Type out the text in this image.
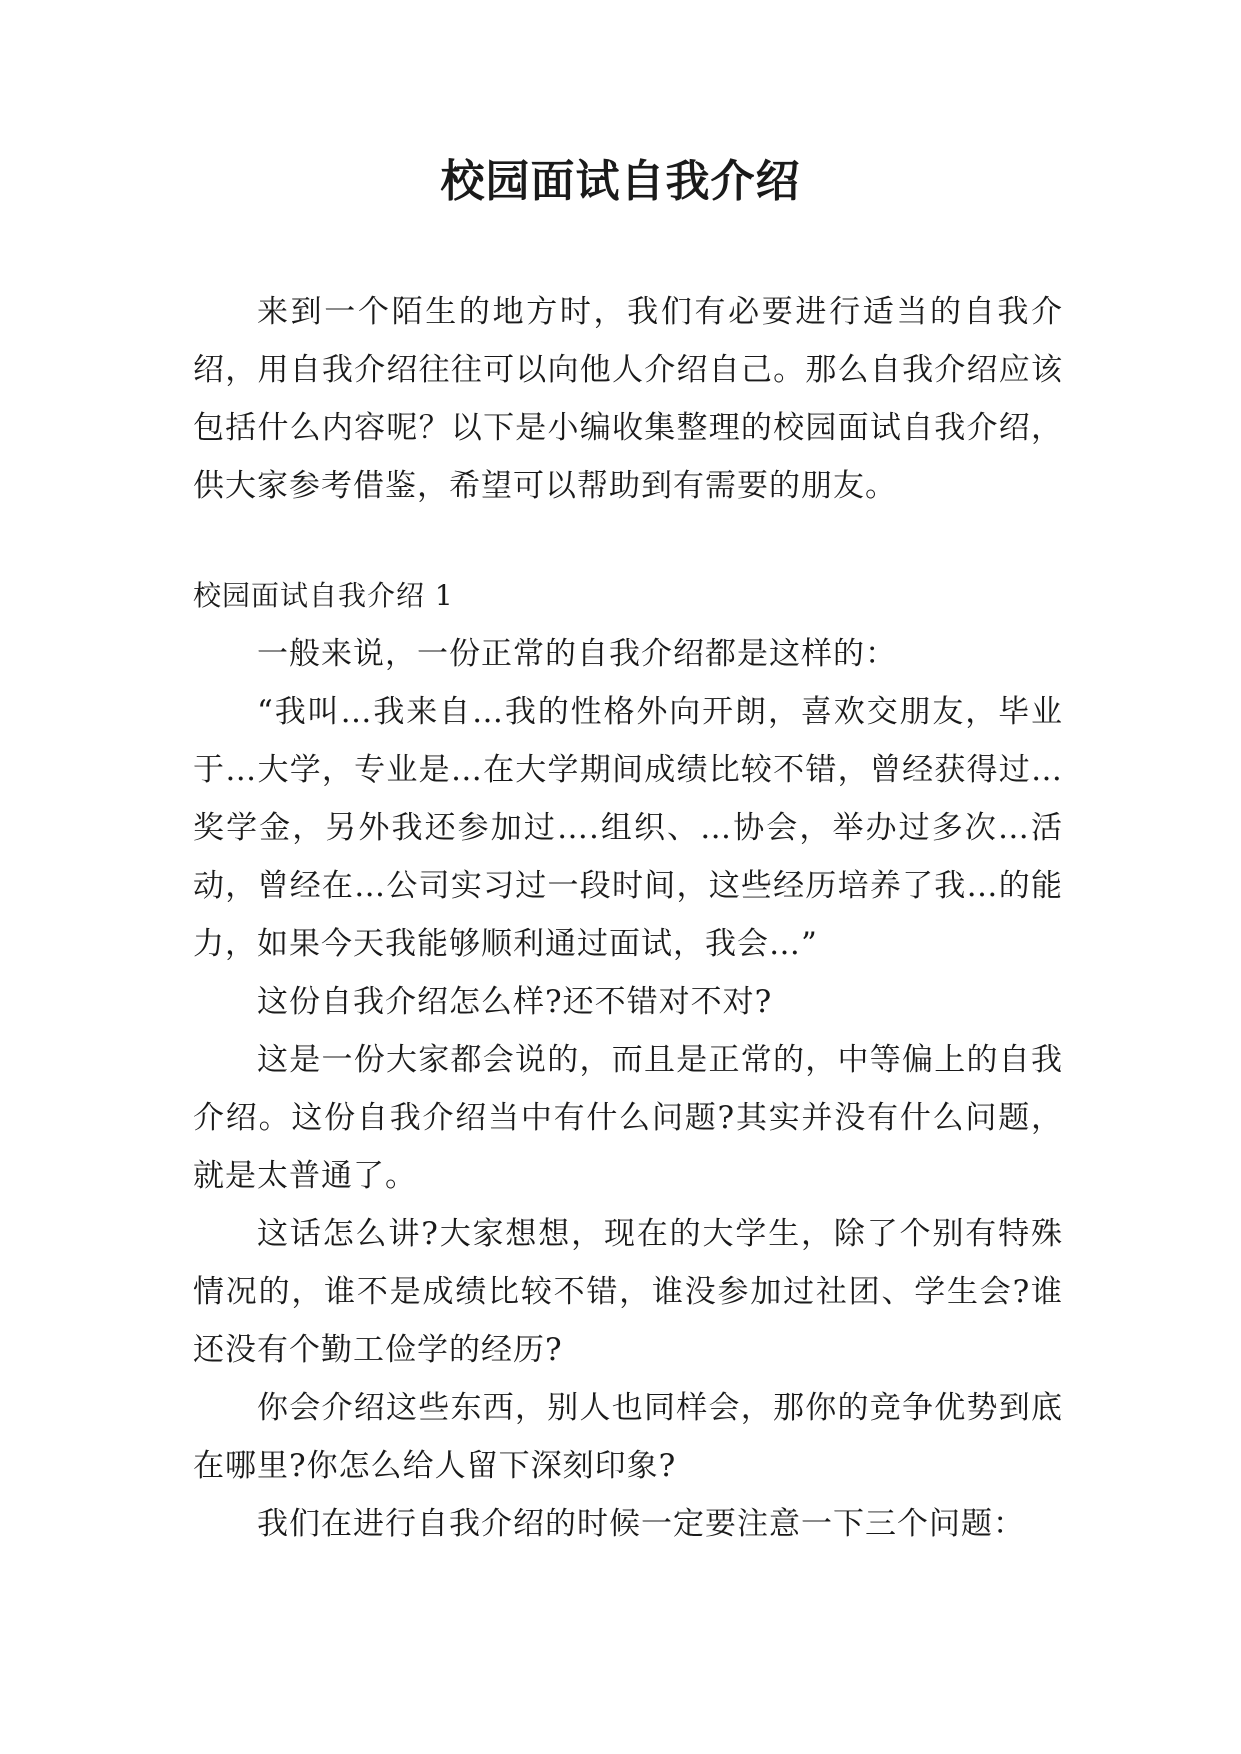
校园面试自我介绍

来到一个陌生的地方时，我们有必要进行适当的自我介绍，用自我介绍往往可以向他人介绍自己。那么自我介绍应该包括什么内容呢？以下是小编收集整理的校园面试自我介绍，供大家参考借鉴，希望可以帮助到有需要的朋友。

校园面试自我介绍 1

一般来说，一份正常的自我介绍都是这样的：

“我叫…我来自…我的性格外向开朗，喜欢交朋友，毕业于…大学，专业是…在大学期间成绩比较不错，曾经获得过…奖学金，另外我还参加过….组织、…协会，举办过多次…活动，曾经在…公司实习过一段时间，这些经历培养了我…的能力，如果今天我能够顺利通过面试，我会…”

这份自我介绍怎么样?还不错对不对?

这是一份大家都会说的，而且是正常的，中等偏上的自我介绍。这份自我介绍当中有什么问题?其实并没有什么问题，就是太普通了。

这话怎么讲?大家想想，现在的大学生，除了个别有特殊情况的，谁不是成绩比较不错，谁没参加过社团、学生会?谁还没有个勤工俭学的经历?

你会介绍这些东西，别人也同样会，那你的竞争优势到底在哪里?你怎么给人留下深刻印象?

我们在进行自我介绍的时候一定要注意一下三个问题：
